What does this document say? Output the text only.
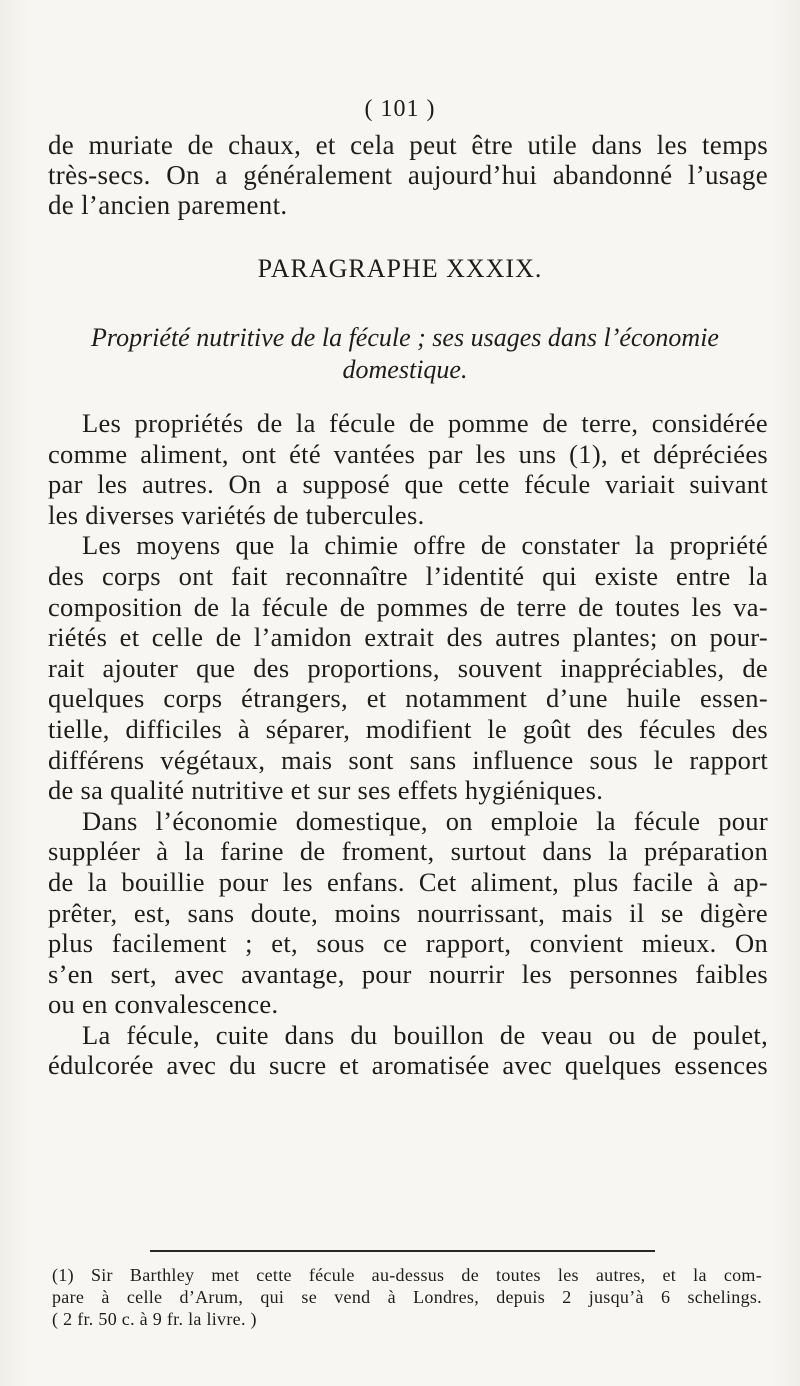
( 101 )
de muriate de chaux, et cela peut être utile dans les temps
très-secs. On a généralement aujourd’hui abandonné l’usage
de l’ancien parement.
PARAGRAPHE XXXIX.
Propriété nutritive de la fécule ; ses usages dans l’économie
domestique.
Les propriétés de la fécule de pomme de terre, considérée
comme aliment, ont été vantées par les uns (1), et dépréciées
par les autres. On a supposé que cette fécule variait suivant
les diverses variétés de tubercules.
Les moyens que la chimie offre de constater la propriété
des corps ont fait reconnaître l’identité qui existe entre la
composition de la fécule de pommes de terre de toutes les va-
riétés et celle de l’amidon extrait des autres plantes; on pour-
rait ajouter que des proportions, souvent inappréciables, de
quelques corps étrangers, et notamment d’une huile essen-
tielle, difficiles à séparer, modifient le goût des fécules des
différens végétaux, mais sont sans influence sous le rapport
de sa qualité nutritive et sur ses effets hygiéniques.
Dans l’économie domestique, on emploie la fécule pour
suppléer à la farine de froment, surtout dans la préparation
de la bouillie pour les enfans. Cet aliment, plus facile à ap-
prêter, est, sans doute, moins nourrissant, mais il se digère
plus facilement ; et, sous ce rapport, convient mieux. On
s’en sert, avec avantage, pour nourrir les personnes faibles
ou en convalescence.
La fécule, cuite dans du bouillon de veau ou de poulet,
édulcorée avec du sucre et aromatisée avec quelques essences
(1) Sir Barthley met cette fécule au-dessus de toutes les autres, et la com-
pare à celle d’Arum, qui se vend à Londres, depuis 2 jusqu’à 6 schelings.
( 2 fr. 50 c. à 9 fr. la livre. )
